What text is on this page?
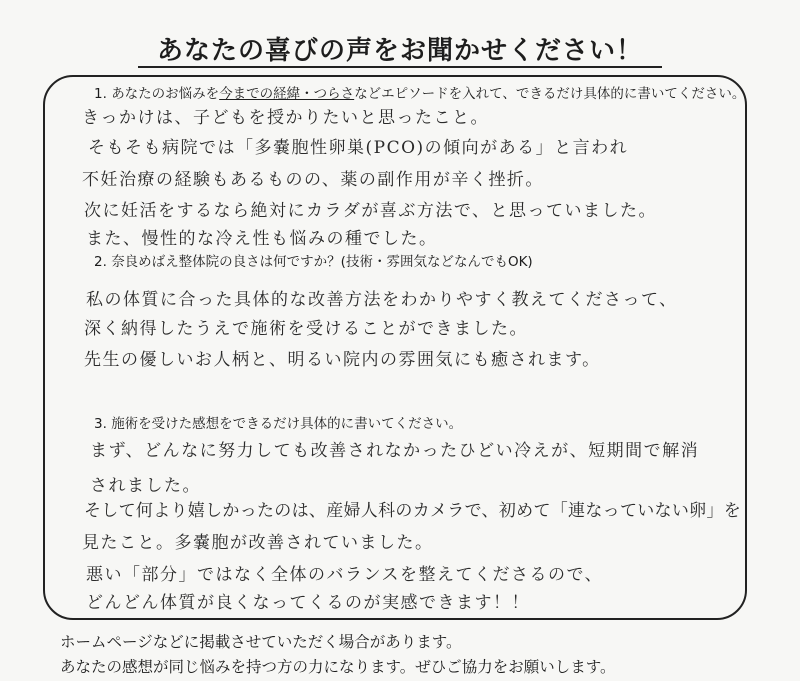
あなたの喜びの声をお聞かせください！
1. あなたのお悩みを今までの経緯・つらさなどエピソードを入れて、できるだけ具体的に書いてください。
きっかけは、子どもを授かりたいと思ったこと。
そもそも病院では「多嚢胞性卵巣(PCO)の傾向がある」と言われ
不妊治療の経験もあるものの、薬の副作用が辛く挫折。
次に妊活をするなら絶対にカラダが喜ぶ方法で、と思っていました。
また、慢性的な冷え性も悩みの種でした。
2. 奈良めばえ整体院の良さは何ですか？(技術・雰囲気などなんでもOK)
私の体質に合った具体的な改善方法をわかりやすく教えてくださって、
深く納得したうえで施術を受けることができました。
先生の優しいお人柄と、明るい院内の雰囲気にも癒されます。
3. 施術を受けた感想をできるだけ具体的に書いてください。
まず、どんなに努力しても改善されなかったひどい冷えが、短期間で解消
されました。
そして何より嬉しかったのは、産婦人科のカメラで、初めて「連なっていない卵」を
見たこと。多嚢胞が改善されていました。
悪い「部分」ではなく全体のバランスを整えてくださるので、
どんどん体質が良くなってくるのが実感できます！！
ホームページなどに掲載させていただく場合があります。
あなたの感想が同じ悩みを持つ方の力になります。ぜひご協力をお願いします。
